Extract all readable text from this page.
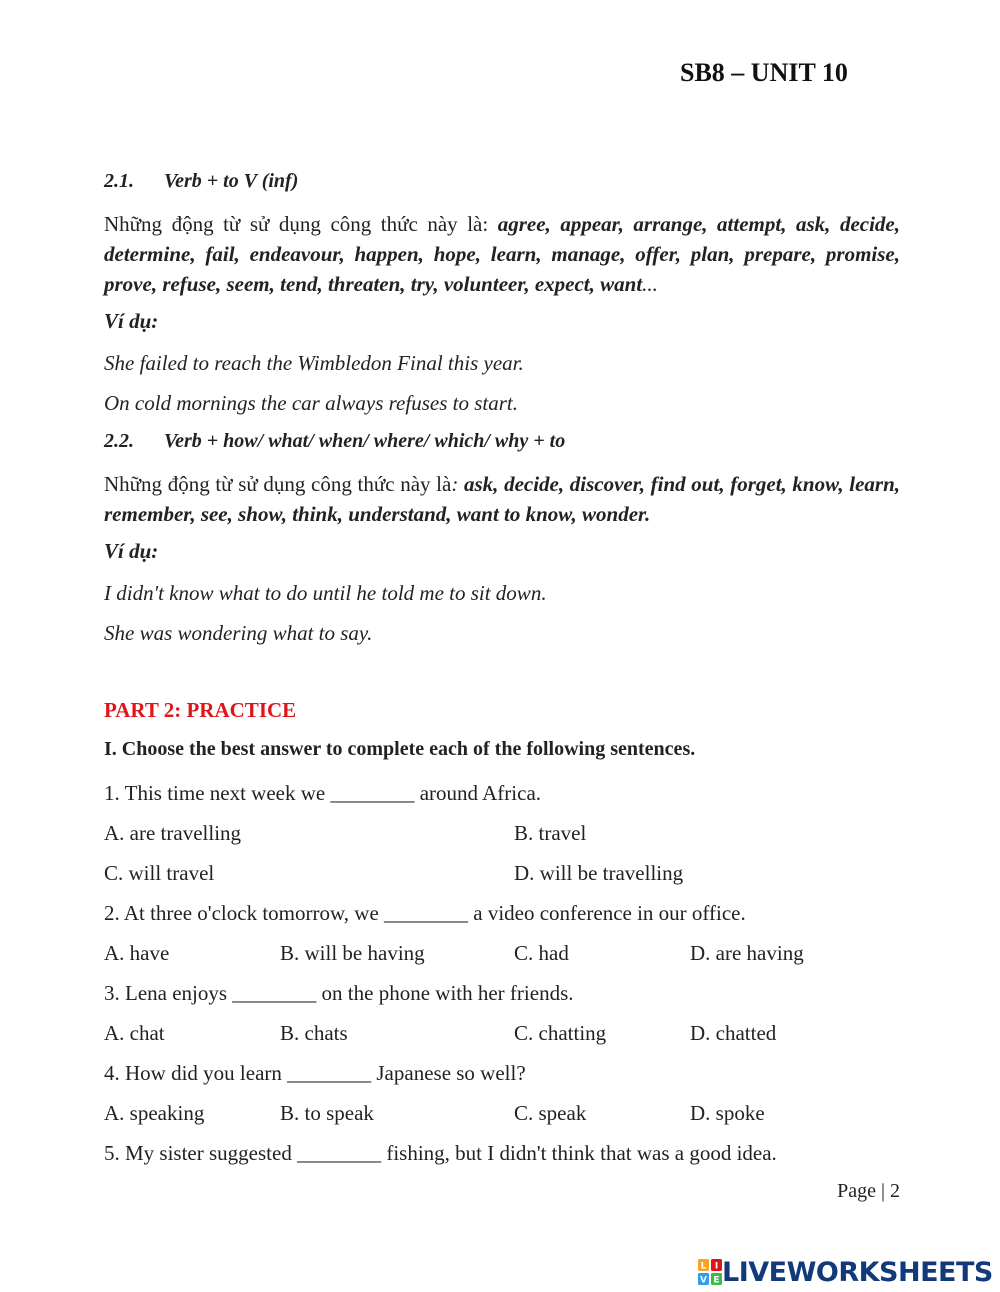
SB8 – UNIT 10
2.1. Verb + to V (inf)
Những động từ sử dụng công thức này là: agree, appear, arrange, attempt, ask, decide, determine, fail, endeavour, happen, hope, learn, manage, offer, plan, prepare, promise, prove, refuse, seem, tend, threaten, try, volunteer, expect, want...
Ví dụ:
She failed to reach the Wimbledon Final this year.
On cold mornings the car always refuses to start.
2.2. Verb + how/ what/ when/ where/ which/ why + to
Những động từ sử dụng công thức này là: ask, decide, discover, find out, forget, know, learn, remember, see, show, think, understand, want to know, wonder.
Ví dụ:
I didn't know what to do until he told me to sit down.
She was wondering what to say.
PART 2: PRACTICE
I. Choose the best answer to complete each of the following sentences.
1. This time next week we ________ around Africa.
A. are travelling	B. travel
C. will travel	D. will be travelling
2. At three o'clock tomorrow, we ________ a video conference in our office.
A. have	B. will be having	C. had	D. are having
3. Lena enjoys ________ on the phone with her friends.
A. chat	B. chats	C. chatting	D. chatted
4. How did you learn ________ Japanese so well?
A. speaking	B. to speak	C. speak	D. spoke
5. My sister suggested ________ fishing, but I didn't think that was a good idea.
Page | 2
L I
V E LIVEWORKSHEETS
